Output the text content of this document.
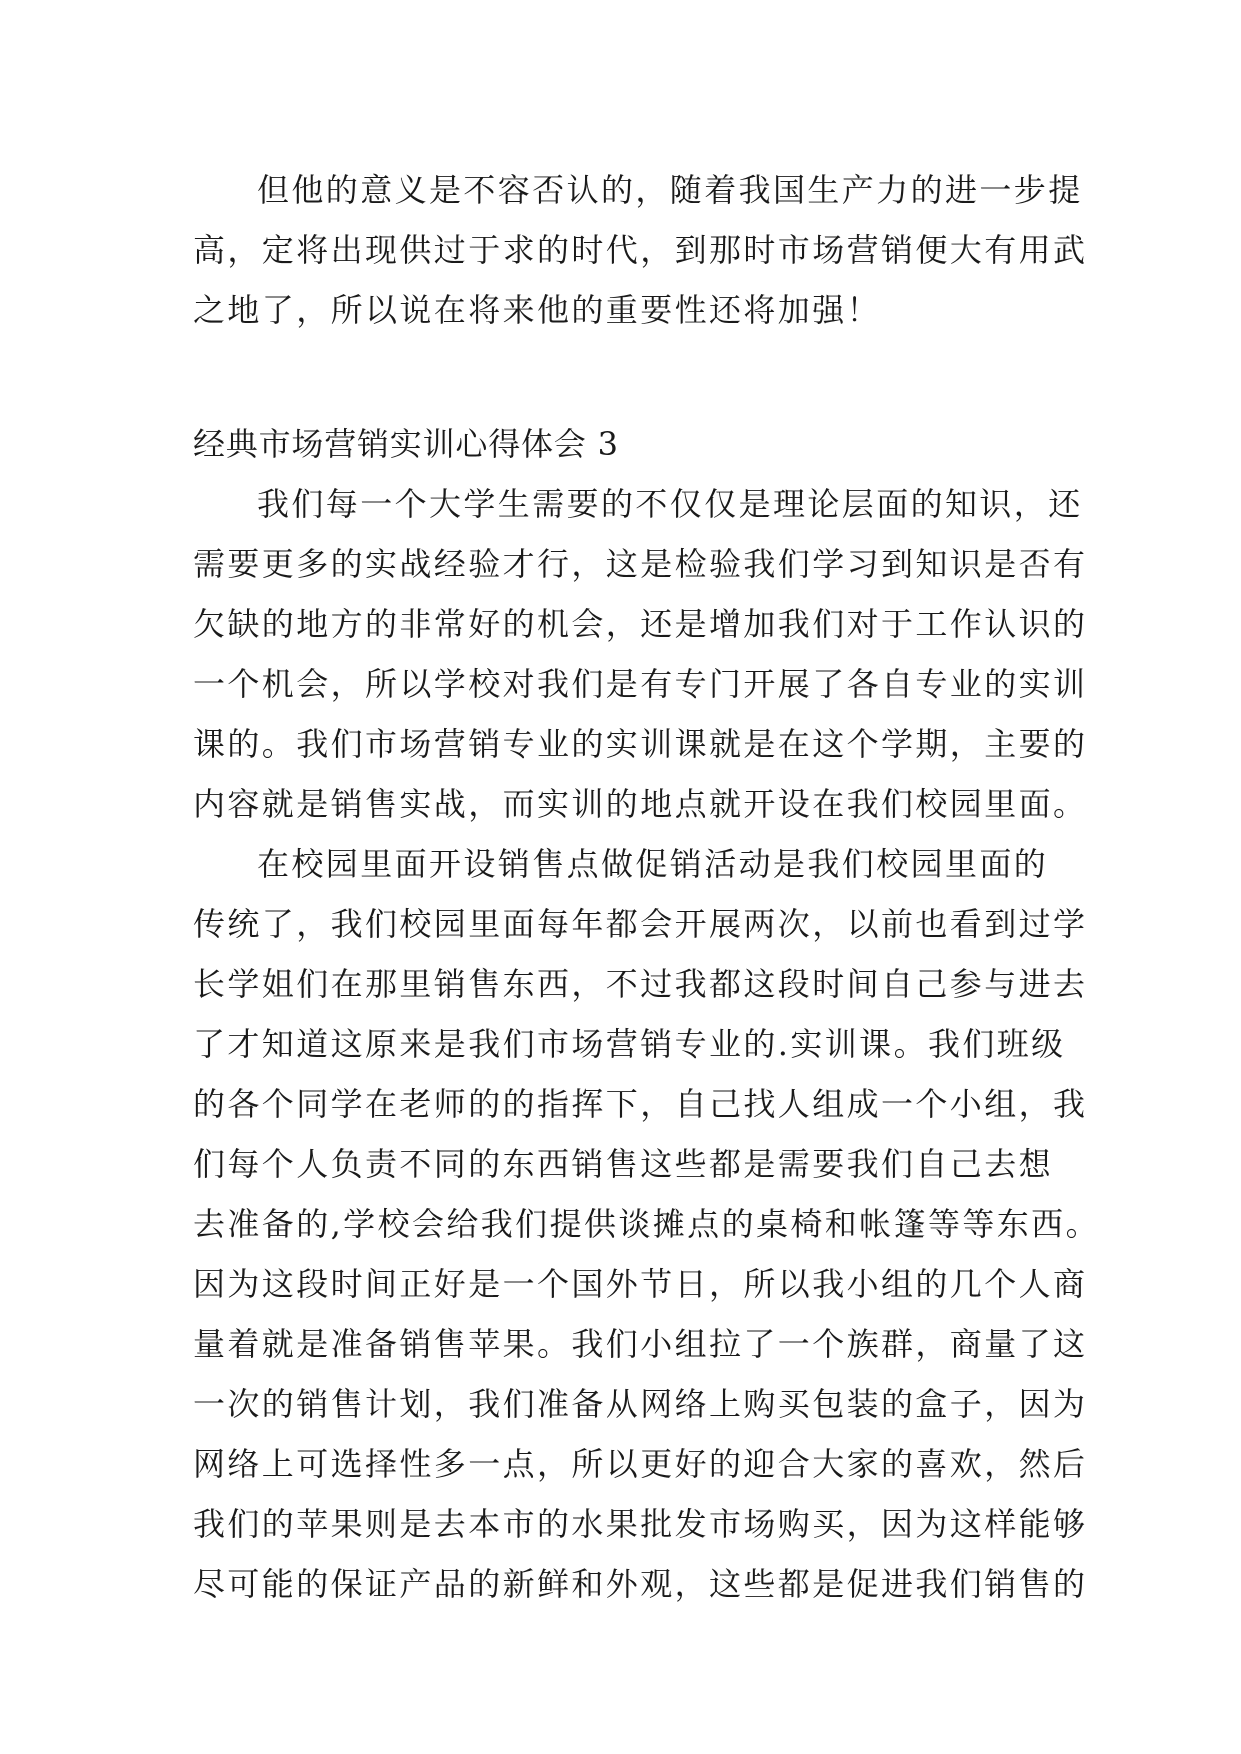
但他的意义是不容否认的，随着我国生产力的进一步提
高，定将出现供过于求的时代，到那时市场营销便大有用武
之地了，所以说在将来他的重要性还将加强！
经典市场营销实训心得体会 3
我们每一个大学生需要的不仅仅是理论层面的知识，还
需要更多的实战经验才行，这是检验我们学习到知识是否有
欠缺的地方的非常好的机会，还是增加我们对于工作认识的
一个机会，所以学校对我们是有专门开展了各自专业的实训
课的。我们市场营销专业的实训课就是在这个学期，主要的
内容就是销售实战，而实训的地点就开设在我们校园里面。
在校园里面开设销售点做促销活动是我们校园里面的
传统了，我们校园里面每年都会开展两次，以前也看到过学
长学姐们在那里销售东西，不过我都这段时间自己参与进去
了才知道这原来是我们市场营销专业的.实训课。我们班级
的各个同学在老师的的指挥下，自己找人组成一个小组，我
们每个人负责不同的东西销售这些都是需要我们自己去想
去准备的,学校会给我们提供谈摊点的桌椅和帐篷等等东西。
因为这段时间正好是一个国外节日，所以我小组的几个人商
量着就是准备销售苹果。我们小组拉了一个族群，商量了这
一次的销售计划，我们准备从网络上购买包装的盒子，因为
网络上可选择性多一点，所以更好的迎合大家的喜欢，然后
我们的苹果则是去本市的水果批发市场购买，因为这样能够
尽可能的保证产品的新鲜和外观，这些都是促进我们销售的
